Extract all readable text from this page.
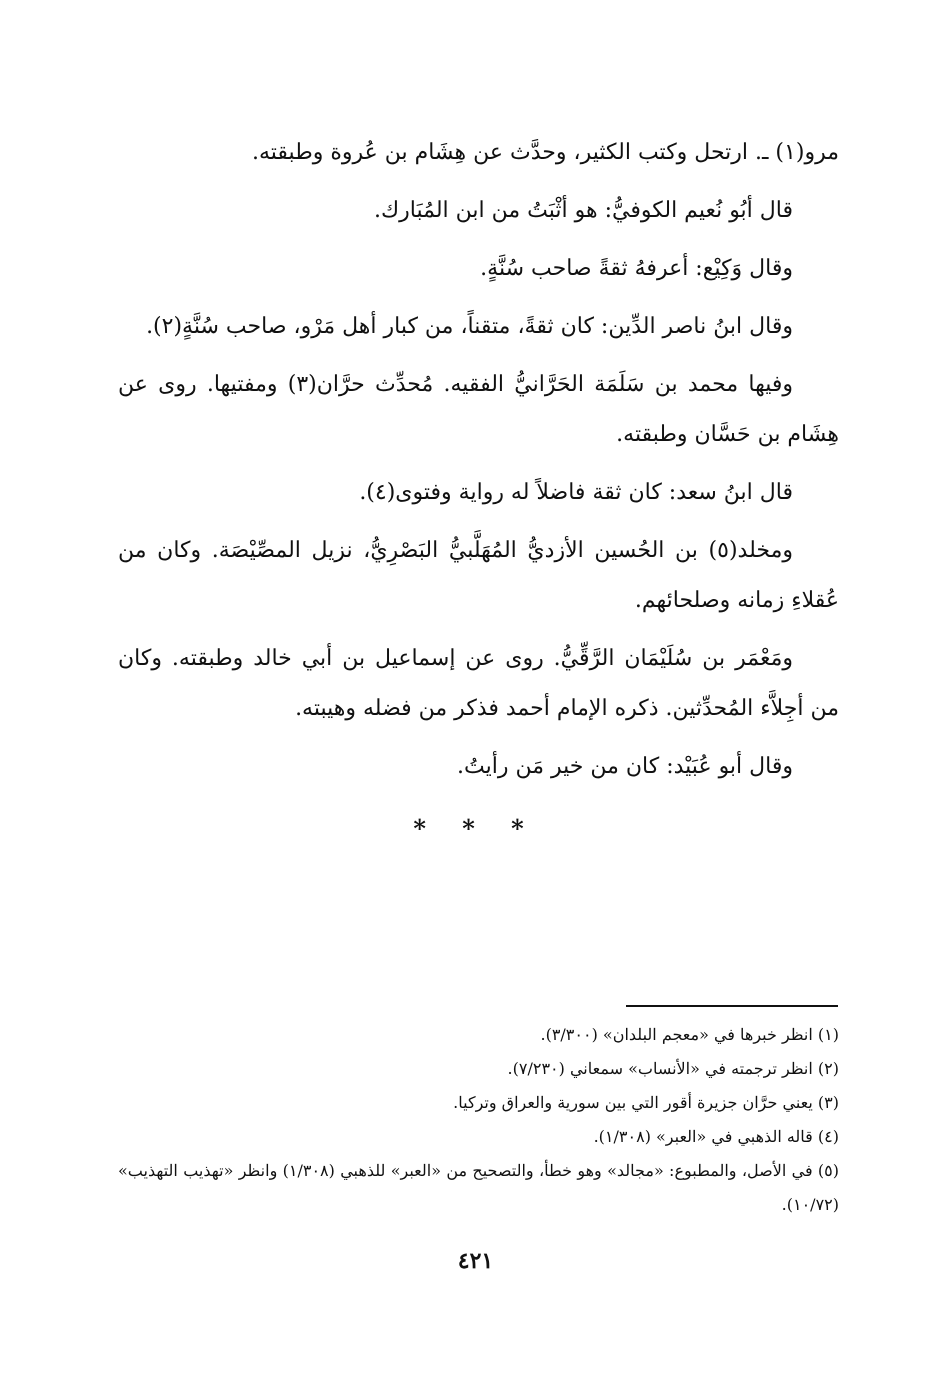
مرو(١) ـ. ارتحل وكتب الكثير، وحدَّث عن هِشَام بن عُروة وطبقته.

قال أبُو نُعيم الكوفيُّ: هو أثْبَتُ من ابن المُبَارك.

وقال وَكِيْع: أعرفهُ ثقةً صاحب سُنَّةٍ.

وقال ابنُ ناصر الدِّين: كان ثقةً، متقناً، من كبار أهل مَرْو، صاحب سُنَّةٍ(٢).

وفيها محمد بن سَلَمَة الحَرَّانيُّ الفقيه. مُحدِّث حرَّان(٣) ومفتيها. روى عن هِشَام بن حَسَّان وطبقته.

قال ابنُ سعد: كان ثقة فاضلاً له رواية وفتوى(٤).

ومخلد(٥) بن الحُسين الأزديُّ المُهَلَّبيُّ البَصْرِيُّ، نزيل المصِّيْصَة. وكان من عُقلاءِ زمانه وصلحائهم.

ومَعْمَر بن سُلَيْمَان الرَّقِّيُّ. روى عن إسماعيل بن أبي خالد وطبقته. وكان من أجِلاَّء المُحدِّثين. ذكره الإمام أحمد فذكر من فضله وهيبته.

وقال أبو عُبَيْد: كان من خير مَن رأيتُ.

* * *

(١) انظر خبرها في «معجم البلدان» (٣/٣٠٠).

(٢) انظر ترجمته في «الأنساب» سمعاني (٧/٢٣٠).

(٣) يعني حرَّان جزيرة أقور التي بين سورية والعراق وتركيا.

(٤) قاله الذهبي في «العبر» (١/٣٠٨).

(٥) في الأصل، والمطبوع: «مجالد» وهو خطأ، والتصحيح من «العبر» للذهبي (١/٣٠٨) وانظر «تهذيب التهذيب» (١٠/٧٢).

٤٢١
